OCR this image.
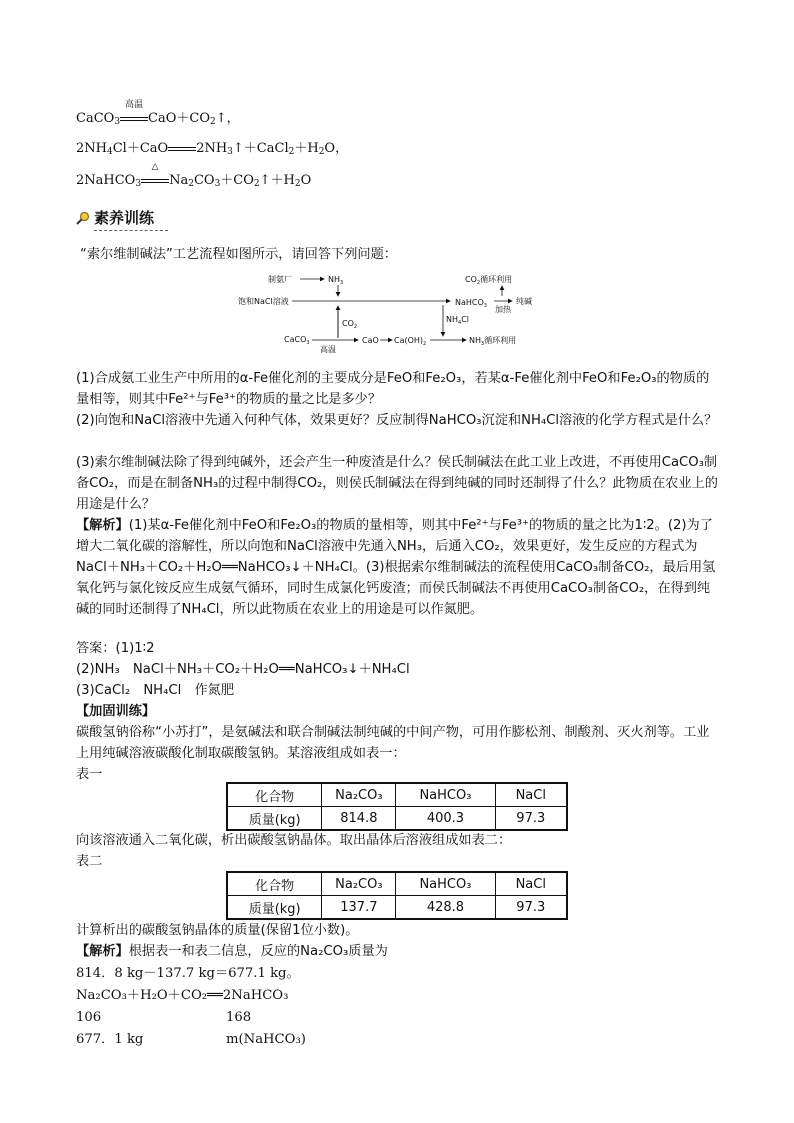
CaCO$_3$
高温
$CaO+CO_2↑$，
$2NH_4Cl+CaO$ $2NH_3↑+CaCl_2+H_2O$，
2NaHCO$_3$
△
$Na_2CO_3+CO_2↑+H_2O$
素养训练
“索尔维制碱法”工艺流程如图所示，请回答下列问题：
制氨厂	$NH_3$	$CO_2$循环利用
饱和NaCl溶液	NaHCO$_3$ 加热
纯碱
$CO_2$
$NH_4Cl$
CaCO$_3$
高温
CaO $Ca(OH)_2$	$NH_3$循环利用
(1)合成氨工业生产中所用的α-Fe催化剂的主要成分是FeO和Fe₂O₃，若某α-Fe催化剂中FeO和Fe₂O₃的物质的量相等，则其中Fe²⁺与Fe³⁺的物质的量之比是多少？
(2)向饱和NaCl溶液中先通入何种气体，效果更好？反应制得NaHCO₃沉淀和NH₄Cl溶液的化学方程式是什么？
(3)索尔维制碱法除了得到纯碱外，还会产生一种废渣是什么？侯氏制碱法在此工业上改进，不再使用CaCO₃制备CO₂，而是在制备NH₃的过程中制得CO₂，则侯氏制碱法在得到纯碱的同时还制得了什么？此物质在农业上的用途是什么？
【解析】(1)某α-Fe催化剂中FeO和Fe₂O₃的物质的量相等，则其中Fe²⁺与Fe³⁺的物质的量之比为1∶2。(2)为了增大二氧化碳的溶解性，所以向饱和NaCl溶液中先通入NH₃，后通入CO₂，效果更好，发生反应的方程式为NaCl＋NH₃＋CO₂＋H₂O══NaHCO₃↓＋NH₄Cl。(3)根据索尔维制碱法的流程使用CaCO₃制备CO₂，最后用氢氧化钙与氯化铵反应生成氨气循环，同时生成氯化钙废渣；而侯氏制碱法不再使用CaCO₃制备CO₂，在得到纯碱的同时还制得了NH₄Cl，所以此物质在农业上的用途是可以作氮肥。
答案：(1)1∶2
(2)NH₃　NaCl＋NH₃＋CO₂＋H₂O══NaHCO₃↓＋NH₄Cl
(3)CaCl₂　NH₄Cl　作氮肥
【加固训练】
碳酸氢钠俗称“小苏打”，是氨碱法和联合制碱法制纯碱的中间产物，可用作膨松剂、制酸剂、灭火剂等。工业上用纯碱溶液碳酸化制取碳酸氢钠。某溶液组成如表一：
表一
化合物	Na₂CO₃	NaHCO₃	NaCl
质量(kg)	814.8	400.3	97.3
向该溶液通入二氧化碳，析出碳酸氢钠晶体。取出晶体后溶液组成如表二：
表二
化合物	Na₂CO₃	NaHCO₃	NaCl
质量(kg)	137.7	428.8	97.3
计算析出的碳酸氢钠晶体的质量(保留1位小数)。
【解析】根据表一和表二信息，反应的Na₂CO₃质量为
814．8 kg－137.7 kg＝677.1 kg。
Na₂CO₃＋H₂O＋CO₂══2NaHCO₃
106	168
677．1 kg	m(NaHCO₃)
